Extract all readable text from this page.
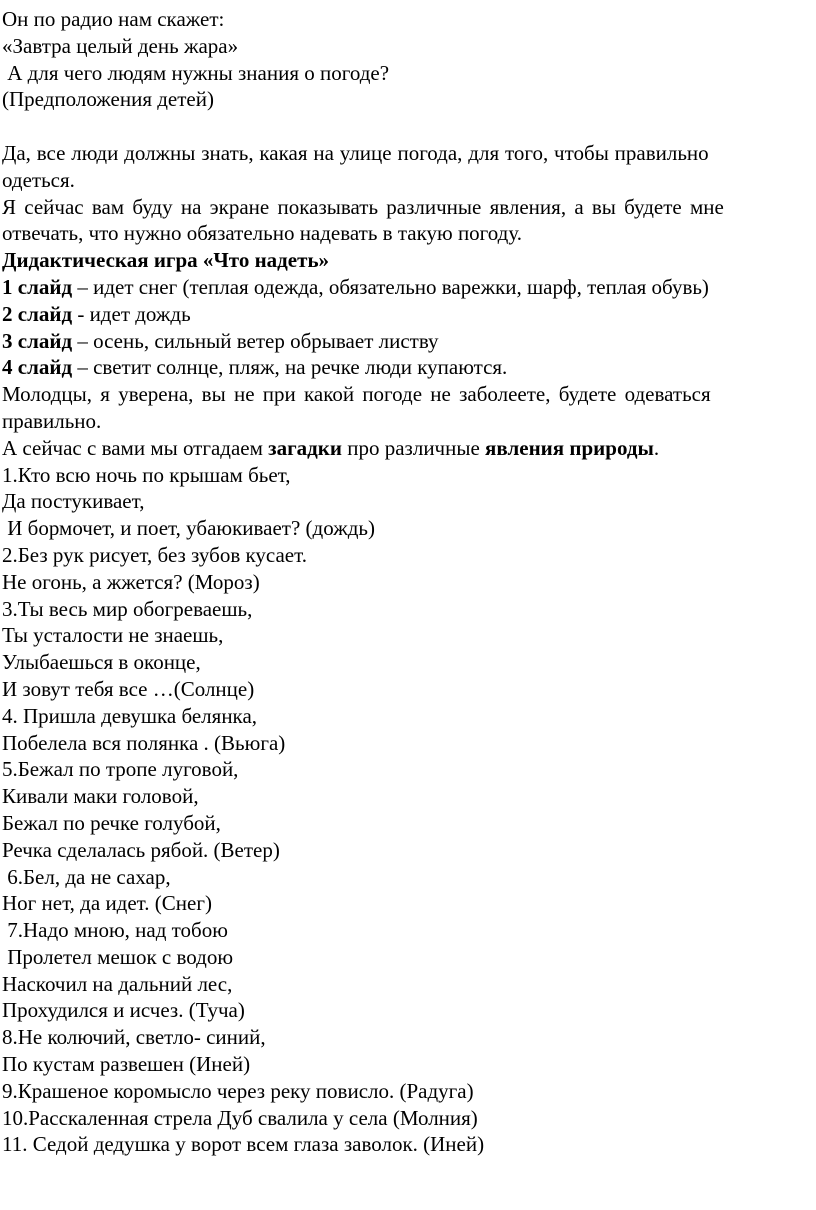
Он по радио нам скажет:
«Завтра целый день жара»
А для чего людям нужны знания о погоде?
(Предположения детей)
Да, все люди должны знать, какая на улице погода, для того, чтобы правильно
одеться.
Я сейчас вам буду на экране показывать различные явления, а вы будете мне
отвечать, что нужно обязательно надевать в такую погоду.
Дидактическая игра «Что надеть»
1 слайд – идет снег (теплая одежда, обязательно варежки, шарф, теплая обувь)
2 слайд - идет дождь
3 слайд – осень, сильный ветер обрывает листву
4 слайд – светит солнце, пляж, на речке люди купаются.
Молодцы, я уверена, вы не при какой погоде не заболеете, будете одеваться
правильно.
А сейчас с вами мы отгадаем загадки про различные явления природы.
1.Кто всю ночь по крышам бьет,
Да постукивает,
И бормочет, и поет, убаюкивает? (дождь)
2.Без рук рисует, без зубов кусает.
Не огонь, а жжется? (Мороз)
3.Ты весь мир обогреваешь,
Ты усталости не знаешь,
Улыбаешься в оконце,
И зовут тебя все …(Солнце)
4. Пришла девушка белянка,
Побелела вся полянка . (Вьюга)
5.Бежал по тропе луговой,
Кивали маки головой,
Бежал по речке голубой,
Речка сделалась рябой. (Ветер)
6.Бел, да не сахар,
Ног нет, да идет. (Снег)
7.Надо мною, над тобою
Пролетел мешок с водою
Наскочил на дальний лес,
Прохудился и исчез. (Туча)
8.Не колючий, светло- синий,
По кустам развешен (Иней)
9.Крашеное коромысло через реку повисло. (Радуга)
10.Расскаленная стрела Дуб свалила у села (Молния)
11. Седой дедушка у ворот всем глаза заволок. (Иней)
